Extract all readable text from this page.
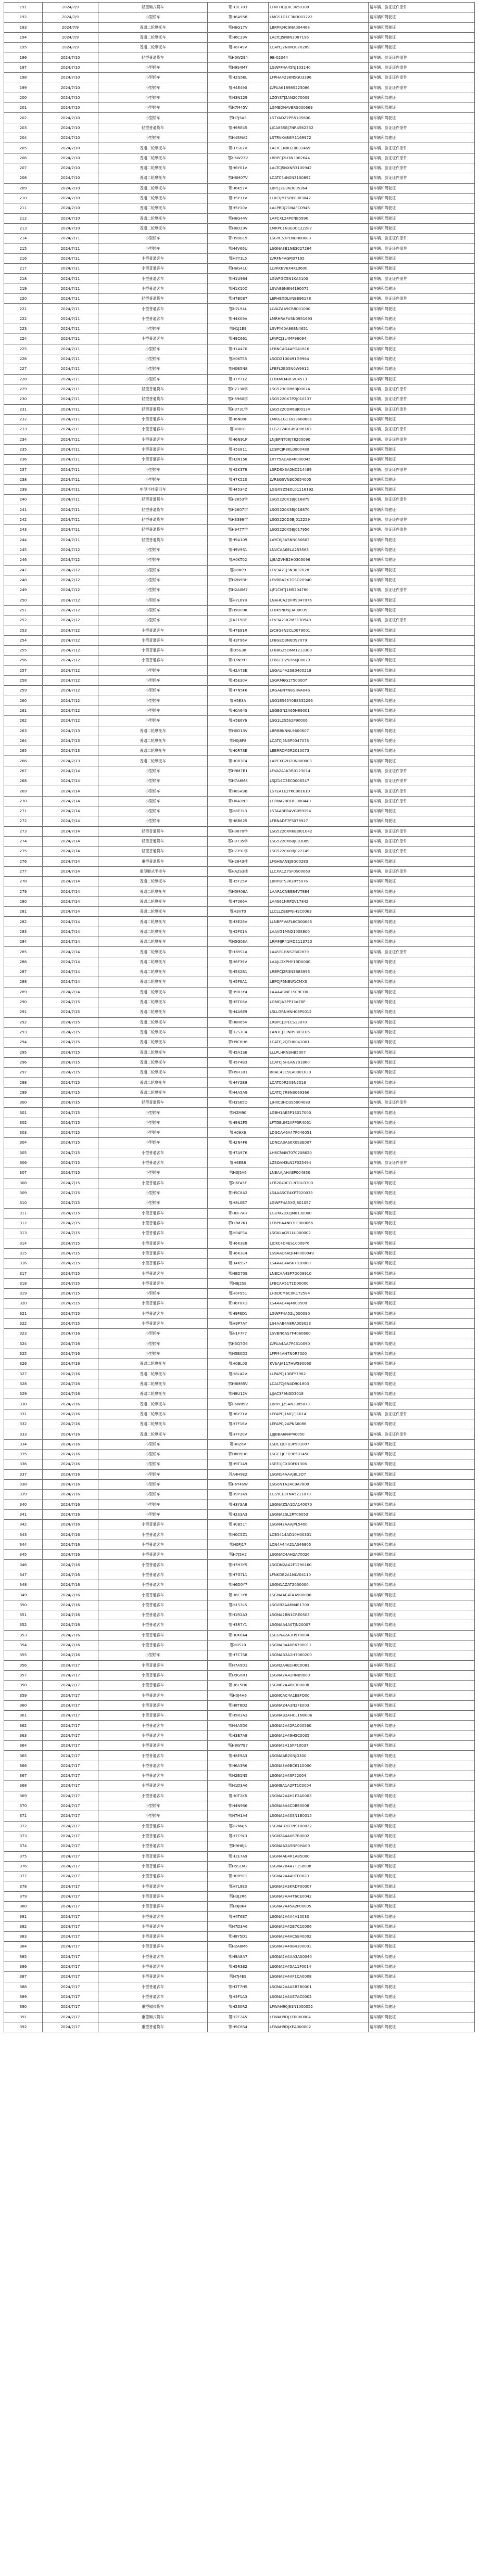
191	2024/7/9	轻型厢式货车	鄂H3C783	LFNTHDJL0L3650100	请车辆、验证证件原件
192	2024/7/9	小型轿车	鄂H6A958	LMGS1G1C3N3001222	请车辆和驾驶证
193	2024/7/9	普通二轮摩托车	鄂H6G17V	LBRPKJ4C9NA004468	请车辆和驾驶证
194	2024/7/9	普通二轮摩托车	鄂H6C39V	LALTCJ5N8N3087196	请车辆和驾驶证
195	2024/7/9	普通二轮摩托车	鄂H6F49V	LCAYCJ7N8N3070289	请车辆和驾驶证
196	2024/7/10	轻型普通货车	鄂H0W294	9B-02044	请车辆、验证证件原件
197	2024/7/10	小型轿车	鄂H9S4M7	LGWFF4A45NJ103140	请车辆、验证证件原件
198	2024/7/10	小型轿车	鄂H2G56L	LFPHA4238NSGU3396	请车辆、验证证件原件
199	2024/7/10	小型轿车	鄂H4E490	LVFAA61898S225086	请车辆、验证证件原件
200	2024/7/10	小型轿车	鄂H3N129	LZGYSTJ2AN2070009	请车辆和驾驶证
201	2024/7/10	小型轿车	鄂H7M45V	LGMEDNAVBRS000669	请车辆和驾驶证
202	2024/7/10	小型轿车	鄂H7J5A3	LSTYADZ7PR5105600	请车辆和驾驶证
203	2024/7/10	轻型普通货车	鄂H9RE45	LJCA85SBJ7NR4562332	请车辆、验证证件原件
204	2024/7/10	小型轿车	鄂H4SMA2	LSTRVKAB6M1169972	请车辆和驾驶证
205	2024/7/10	普通二轮摩托车	鄂H7S02V	LALTC1N8DZ0031469	请车辆、验证证件原件
206	2024/7/10	普通二轮摩托车	鄂H6W23V	LBRPCJ2U3N3002644	请车辆、验证证件原件
207	2024/7/10	普通二轮摩托车	鄂H6Y01V	LALTCJ5NXNR3100942	请车辆、验证证件原件
208	2024/7/10	普通二轮摩托车	鄂H6M07V	LCATC54N0N3100892	请车辆、验证证件原件
209	2024/7/10	普通二轮摩托车	鄂H6K57V	LBPCJ2U3N3005364	请车辆和驾驶证
210	2024/7/10	普通二轮摩托车	鄂H5Y11V	LLXLTJMTSRP8003042	请车辆和驾驶证
211	2024/7/10	普通二轮摩托车	鄂H5Y10V	LALPBDJ21NAFC0946	请车辆和驾驶证
212	2024/7/10	普通二轮摩托车	鄂H6G44V	LAPCXL24P0NB5990	请车辆和驾驶证
213	2024/7/10	普通二轮摩托车	鄂H6D29V	LMRPC1N3E0CC22287	请车辆和驾驶证
214	2024/7/11	小型轿车	鄂H9BB19	LSGYC53P1ND800083	请车辆、验证证件原件
215	2024/7/11	小型轿车	鄂H4V66U	LSGNA3B1NE3027264	请车辆、验证证件原件
216	2024/7/11	小型普通客车	鄂H7Y1L5	LVRFN4AGPJ07195	请车辆和驾驶证
217	2024/7/11	小型普通客车	鄂H6G41U	LLVKKBV6X4KL0600	请车辆和驾驶证
218	2024/7/11	小型普通客车	鄂H1U964	LGWFGC5N1KA5100	请车辆、验证证件原件
219	2024/7/11	小型普通客车	鄂H1K10C	LSVAB6N8N4190072	请车辆和驾驶证
220	2024/7/11	轻型普通货车	鄂H7B0B7	LEFHBXDLVNBE96178	请车辆、验证证件原件
221	2024/7/11	小型普通客车	鄂H7L94L	LLVAZAA9CR8001000	请车辆和驾驶证
222	2024/7/11	小型普通客车	鄂H4K09A	LMRHRAPUSN0951693	请车辆和驾驶证
223	2024/7/11	小型轿车	鄂H1J1E9	LSVFY60A86BN4651	请车辆和驾驶证
224	2024/7/11	小型普通客车	鄂H9C661	LFAPCJ3L4MP96094	请车辆和驾驶证
225	2024/7/11	小型轿车	鄂H1A470	LFBNCAG4APD41816	请车辆和驾驶证
226	2024/7/11	小型轿车	鄂H0KT55	LSGD2100491G9964	请车辆和驾驶证
227	2024/7/11	小型轿车	鄂H0B5N8	LFBFL2B05N0W9912	请车辆和驾驶证
228	2024/7/11	小型轿车	鄂H7P71Z	LFBKMD4BCV04573	请车辆和驾驶证
229	2024/7/11	轻型普通货车	鄂H2130学	LSG5230DR6BJ00074	请车辆、验证证件原件
230	2024/7/11	轻型普通货车	鄂H5960学	LSG5220X7P2J010137	请车辆、验证证件原件
231	2024/7/11	轻型普通货车	鄂H0731学	LSG5220DR6BJ00134	请车辆、验证证件原件
232	2024/7/11	小型普通客车	鄂H6N89F	LMRG1G11613668681	请车辆和驾驶证
233	2024/7/11	小型普通客车	鄂H8B81	LLG2224BGRG006163	请车辆、验证证件原件
234	2024/7/11	小型普通客车	鄂H6N91F	LNJEPNT06J78200090	请车辆、验证证件原件
235	2024/7/11	小型普通客车	鄂H5S811	LCBPCJR8KL0000480	请车辆和驾驶证
236	2024/7/11	小型普通客车	鄂H2N158	LXTY5ACAB4K000045	请车辆和驾驶证
237	2024/7/11	小型轿车	鄂H2K3T8	LSRDSX3A0NC214489	请车辆、验证证件原件
238	2024/7/11	小型轿车	鄂H7K520	LVRSGSVN3C0054005	请车辆和驾驶证
239	2024/7/11	中型半挂牵引车	鄂H4534Z	LGGX9Z5E0L01116192	请车辆和驾驶证
240	2024/7/11	轻型普通货车	鄂H2653学	LSG5220X1BJ016879	请车辆、验证证件原件
241	2024/7/11	轻型普通货车	鄂H2607学	LSG5220X3BJ016870	请车辆和驾驶证
242	2024/7/11	轻型普通货车	鄂H3399学	LSG5220D5BJ012259	请车辆、验证证件原件
243	2024/7/11	轻型普通货车	鄂H9477学	LSG5220X5BJ017956	请车辆、验证证件原件
244	2024/7/11	轻型普通货车	鄂H9A109	LAYC0J3A5NN050603	请车辆和驾驶证
245	2024/7/12	小型轿车	鄂H9V9S1	LNVCAA6ELA253563	请车辆和驾驶证
246	2024/7/12	小型轿车	鄂H0KT02	LJ8AZVHB2H0303096	请车辆和驾驶证
247	2024/7/12	小型轿车	鄂H0KP9	LFV3A21J3N3037028	请车辆和驾驶证
248	2024/7/12	小型轿车	鄂H2N98H	LFVBBA2K7GSO20940	请车辆和驾驶证
249	2024/7/12	小型轿车	鄂H2A0M7	LJF1CNTJ1M5204780	请车辆、验证证件原件
250	2024/7/12	小型轿车	鄂H7L6Y8	LNAHCA2DFR9047076	请车辆和驾驶证
251	2024/7/12	小型轿车	鄂H9U09K	LFBK9ND9J3A00039	请车辆和驾驶证
252	2024/7/12	小型轿车	云A2198E	LFV3A21K2M3130948	请车辆、验证证件原件
253	2024/7/12	小型普通客车	鄂H7E91R	LYC8G8N2CL0079001	请车辆和驾驶证
254	2024/7/12	小型普通客车	鄂H3T96V	LFBGEO3N6D97079	请车辆和驾驶证
255	2024/7/12	小型普通客车	湘D5G38	LFBBG25D6M1213300	请车辆和驾驶证
256	2024/7/12	小型普通客车	鄂H3N99T	LFBGEO25D6KJ00073	请车辆和驾驶证
257	2024/7/12	小型轿车	鄂H2A73E	LSGAU4A2SB0400219	请车辆和驾驶证
258	2024/7/12	小型轿车	鄂H5E30V	LSGRM6G1T500007	请车辆和驾驶证
259	2024/7/12	小型轿车	鄂H7N5F6	LRGAEN7N8GRVA046	请车辆和驾驶证
260	2024/7/12	小型轿车	鄂H5E3A	LSG1ES45Y0B8332296	请车辆和驾驶证
261	2024/7/12	小型轿车	鄂H0A64S	LSGBGN2A65H89001	请车辆和驾驶证
262	2024/7/12	小型轿车	鄂H5E6Y6	LSG1L2S5S2P90006	请车辆和驾驶证
263	2024/7/13	普通二轮摩托车	鄂H0D13V	LBRBBKNNL9600607	请车辆和驾驶证
264	2024/7/13	普通二轮摩托车	鄂H0J8F8	LCATCJ5N3P0047073	请车辆和驾驶证
265	2024/7/13	普通二轮摩托车	鄂H0R7SE	LEBRRCM5R2010073	请车辆和驾驶证
266	2024/7/13	普通二轮摩托车	鄂H0B3E4	LAPCXG2H20N000003	请车辆和驾驶证
267	2024/7/14	小型轿车	鄂H9M7B1	LFVA2A1K3R0123014	请车辆、验证证件原件
268	2024/7/14	小型轿车	鄂H7A6M8	LSJZ14C3EC0006547	请车辆、验证证件原件
269	2024/7/14	小型轿车	鄂H6SA9B	LSTEA1E2YKC001610	请车辆、验证证件原件
270	2024/7/14	小型轿车	鄂H0A1N3	LCRNA20BFRL000440	请车辆、验证证件原件
271	2024/7/14	小型轿车	鄂H8E3L3	LSTAABEB4VG059194	请车辆和驾驶证
272	2024/7/14	小型轿车	鄂H8B825	LFBNADF7FS079927	请车辆和驾驶证
273	2024/7/14	轻型普通货车	鄂H9870学	LSG5220XR6BJ001042	请车辆、验证证件原件
274	2024/7/14	轻型普通货车	鄂H0735学	LSG5220X6BJ003089	请车辆、验证证件原件
275	2024/7/14	轻型普通货车	鄂H7391学	LSG5220X0BJ022149	请车辆、验证证件原件
276	2024/7/14	重型普通货车	鄂H2843挂	LFGHSANEJ9G00283	请车辆和驾驶证
277	2024/7/14	重型厢式半挂车	鄂HA2S3挂	LLCXA1Z7SF0S00063	请车辆、验证证件原件
278	2024/7/14	普通二轮摩托车	鄂H5T25V	LBRPBTS3K20Y5076	请车辆和驾驶证
279	2024/7/14	普通二轮摩托车	鄂H5M06A	LAAR1CNBEB4VT8E4	请车辆和驾驶证
280	2024/7/14	普通二轮摩托车	鄂H7066A	LA4S61NRP2V17842	请车辆和驾驶证
281	2024/7/14	普通二轮摩托车	鄂H3VT0	LLCLLZBEPNIH1C0063	请车辆和驾驶证
282	2024/7/14	普通二轮摩托车	鄂H3E28V	LLNBPFVAFL6C000645	请车辆和驾驶证
283	2024/7/14	普通二轮摩托车	鄂H2F01A	LAAVG1MN2100S800	请车辆和驾驶证
284	2024/7/14	普通二轮摩托车	鄂H5G03A	LRMMJR41MD2113720	请车辆和驾驶证
285	2024/7/14	普通二轮摩托车	鄂H3RS1A	LA4SR1BNS2B02839	请车辆、验证证件原件
286	2024/7/14	普通二轮摩托车	鄂H6F39V	LAAJLDXPHY1BD0000	请车辆和驾驶证
287	2024/7/14	普通二轮摩托车	鄂H5S2B1	LRBPCJ2R3N3B83995	请车辆和驾驶证
288	2024/7/14	普通二轮摩托车	鄂H5FSA1	LBPCJP5NBW1CMXS	请车辆和驾驶证
289	2024/7/14	普通二轮摩托车	鄂H9B3Y4	LAAAAGNE1SC9CO0	请车辆和驾驶证
290	2024/7/15	普通二轮摩托车	鄂H5T08V	LGMCJA3PP13A78P	请车辆和驾驶证
291	2024/7/15	普通二轮摩托车	鄂H4A6E9	LSLLGRNHNH08P0012	请车辆和驾驶证
292	2024/7/15	普通二轮摩托车	鄂H8R65V	LRBPCJ1P1CS13870	请车辆和驾驶证
293	2024/7/15	普通二轮摩托车	鄂H2S7E4	LANTCJT3NR9803106	请车辆和驾驶证
294	2024/7/15	普通二轮摩托车	鄂H9C6H6	LCATCJ2QTH0041001	请车辆和驾驶证
295	2024/7/15	普通二轮摩托车	鄂H5A1S6	LLLPLHRN3HB5007	请车辆和驾驶证
296	2024/7/15	普通二轮摩托车	鄂H5Y4B3	LCATCJ6H1AN201860	请车辆和驾驶证
297	2024/7/15	普通二轮摩托车	鄂H5H3B1	BRAC43C9LA0001039	请车辆和驾驶证
298	2024/7/15	普通二轮摩托车	鄂H4Y2B9	LCATC0R2X9N2016	请车辆和驾驶证
299	2024/7/15	普通二轮摩托车	鄂H4A5A9	LCATCJ7R8N3069366	请车辆和驾驶证
300	2024/7/15	轻型普通货车	鄂H3S65D	LJHXC3HD3S5004083	请车辆、验证证件原件
301	2024/7/15	小型轿车	鄂H2M90	LGBH1AE5P1S017000	请车辆和驾驶证
302	2024/7/15	小型轿车	鄂H9N2F5	LFTGEUM2AFP3R4061	请车辆和驾驶证
303	2024/7/15	小型轿车	鄂H09X6	LDGCAA6A47P046051	请车辆和驾驶证
304	2024/7/15	小型轿车	鄂H2N4F6	LDNCA3AS6X0S3E007	请车辆和驾驶证
305	2024/7/15	小型普通客车	鄂H7A976	LH6CM4N7070208620	请车辆和驾驶证
306	2024/7/15	小型普通客车	鄂H6EB8	LZSOAH3LN2F025494	请车辆、验证证件原件
307	2024/7/15	小型轿车	鄂H3J5A6	LNBAAJAHAEP004850	请车辆和驾驶证
308	2024/7/15	小型普通客车	鄂H6FA5F	LFB2040CCLNT0U3300	请车辆和驾驶证
309	2024/7/15	小型轿车	鄂H5C8A2	LS4AASCE4KPT020033	请车辆和驾驶证
310	2024/7/15	小型轿车	鄂H8L0B7	LGWFF4A5XGJ801057	请车辆和驾驶证
311	2024/7/15	小型普通客车	鄂H0F7AH	LGUXG1D2JM0130000	请车辆和驾驶证
312	2024/7/15	小型普通客车	鄂H7M2K1	LFBPHA4NB3LE000066	请车辆和驾驶证
313	2024/7/15	小型普通客车	鄂H04FS4	LSGKLAG51LU000002	请车辆和驾驶证
314	2024/7/15	小型普通客车	鄂H6K3E8	LJCKC4D4ES1000976	请车辆和驾驶证
315	2024/7/15	小型普通客车	鄂H6K3E4	LS9AAC6AQH4F000049	请车辆和驾驶证
316	2024/7/15	小型普通客车	鄂H4K5S7	LS4AAC4A6K7010000	请车辆和驾驶证
317	2024/7/15	小型普通客车	鄂H8D709	LNBCAA4SP7D008910	请车辆和驾驶证
318	2024/7/15	小型普通客车	鄂H8J2S8	LFBCAA51T1D00000	请车辆和驾驶证
319	2024/7/15	小型轿车	鄂H0F951	LH6DCM6C0R172584	请车辆和驾驶证
320	2024/7/15	小型普通客车	鄂H6Y07D	LS4AAC4AJ4000500	请车辆和驾驶证
321	2024/7/15	小型普通客车	鄂H9F6D1	LGWFF4A52LJ000090	请车辆和驾驶证
322	2024/7/15	小型普通客车	鄂H9P7AY	LS4AAB4A8RA003023	请车辆和驾驶证
323	2024/7/16	小型轿车	鄂H1F7F7	LSVBN6AS7F4060600	请车辆和驾驶证
324	2024/7/16	小型轿车	鄂H5Q7G6	LVFAA4AA7P4310090	请车辆和驾驶证
325	2024/7/16	小型轿车	鄂H5B0D2	LFPM4AH7N0R7000	请车辆和驾驶证
326	2024/7/16	普通二轮摩托车	鄂H0BL03	KVSAJA117HW590060	请车辆和驾驶证
327	2024/7/16	普通二轮摩托车	鄂H8L42V	LLPAPCJ13BFY7962	请车辆和驾驶证
328	2024/7/16	普通二轮摩托车	鄂H8M85V	LCALTCJ6N4D901803	请车辆和驾驶证
329	2024/7/16	普通二轮摩托车	鄂H8U12V	LJJAC3F9N3D3018	请车辆和驾驶证
330	2024/7/16	普通二轮摩托车	鄂H6W89V	LBRPCJ2SAN3085073	请车辆和驾驶证
331	2024/7/16	普通二轮摩托车	鄂H6Y71V	LEFAPCJ1NCJFJ1014	请车辆、验证证件原件
332	2024/7/16	普通二轮摩托车	鄂H7F16V	LEFAPCJ2APNS6086	请车辆和驾驶证
333	2024/7/16	普通二轮摩托车	鄂H7F20V	LJJJBBA6N4P40050	请车辆、验证证件原件
334	2024/7/16	小型轿车	鄂H8Z6V	LSBC1JCFD3P501007	请车辆和驾驶证
335	2024/7/16	小型轿车	鄂H8R9H8	LSGE1JCFD3P501450	请车辆和驾驶证
336	2024/7/16	小型轿车	鄂H9T1A9	LSEE1JCXD0F01306	请车辆和驾驶证
337	2024/7/16	小型轿车	苏A4H9E2	LSGN14AAAJBL3O7	请车辆和驾驶证
338	2024/7/16	小型轿车	鄂H6Y4SW	LSG0N1A2AC9A7800	请车辆和驾驶证
339	2024/7/16	小型轿车	鄂H9P1A9	LGSYCE3TNA5211079	请车辆和驾驶证
340	2024/7/16	小型轿车	鄂H3Y3A8	LSGNAZ5A1DA140070	请车辆和驾驶证
341	2024/7/16	小型轿车	鄂H2S3A3	LSGNA2SL2RT06053	请车辆和驾驶证
342	2024/7/16	小型普通客车	鄂H0B51T	LSGN42AAAJPL5400	请车辆和驾驶证
343	2024/7/16	小型普通客车	鄂H0C5Z1	LCB5414AD10H00301	请车辆和驾驶证
344	2024/7/16	小型普通客车	鄂H0FJ17	LCN4A44A21A046805	请车辆和驾驶证
345	2024/7/16	小型普通客车	鄂H7J5H2	LSGNAC4AH2A70026	请车辆和驾驶证
346	2024/7/16	小型普通客车	鄂H7H3Y5	LSGDN2AA2F1290160	请车辆和驾驶证
347	2024/7/16	小型普通客车	鄂H7G7L1	LFNKDB2A1NLV04110	请车辆和驾驶证
348	2024/7/16	小型普通客车	鄂H6D0Y7	LSGN1AZAT2000000	请车辆和驾驶证
349	2024/7/16	小型普通客车	鄂H6C3Y8	LSGNAAE4TAA900000	请车辆和驾驶证
350	2024/7/16	小型普通客车	鄂H1S3L5	LSG0B2AA6N4E1700	请车辆和驾驶证
351	2024/7/16	小型普通客车	鄂H1R2A3	LSGNA2BN1CRE0503	请车辆和驾驶证
352	2024/7/16	小型普通客车	鄂H3R7Y1	LSGNAA4A0TJN20007	请车辆和驾驶证
353	2024/7/16	小型普通客车	鄂H0K0A4	LSEGNA2A3H9T0004	请车辆和驾驶证
354	2024/7/16	小型普通客车	鄂H0S20	LSGNA3A40R6700011	请车辆和驾驶证
355	2024/7/16	小型轿车	鄂H7C7S8	LSGNAB2A2H7060200	请车辆和驾驶证
356	2024/7/17	小型普通客车	鄂H7A9D3	LSGN2A4B1H0C0081	请车辆和驾驶证
357	2024/7/17	小型普通客车	鄂H9G6R1	LSGNA2AA2RNB9000	请车辆和驾驶证
358	2024/7/17	小型普通客车	鄂H6L5H6	LSGNB2AA6K300008	请车辆和驾驶证
359	2024/7/17	小型普通客车	鄂H0J4H6	LSGNCAC4A1EEFO00	请车辆和驾驶证
360	2024/7/17	小型普通客车	鄂H8T8D2	LSGNAZ4A3N2FE003	请车辆和驾驶证
361	2024/7/17	小型普通客车	鄂H5R3A3	LSGNAB2AHCL1N0006	请车辆和驾驶证
362	2024/7/17	小型普通客车	鄂H4A5D6	LSGNA2A42R1000560	请车辆和驾驶证
363	2024/7/17	小型普通客车	鄂H3B7A9	LSGNA2A49H5C0005	请车辆和驾驶证
364	2024/7/17	小型普通客车	鄂H8W7E7	LSGNA2A1SFP10037	请车辆和驾驶证
365	2024/7/17	小型普通客车	鄂H8E9A3	LSGNAAB20NJD300	请车辆和驾驶证
366	2024/7/17	小型普通客车	鄂H6A3R6	LSGNA3A6BC6110000	请车辆和驾驶证
367	2024/7/17	小型普通客车	鄂H2B1N5	LSGNA2A4SF52004	请车辆和驾驶证
368	2024/7/17	小型普通客车	鄂H1D3A6	LSGN8A1A2PT1C0004	请车辆和驾驶证
369	2024/7/17	小型普通客车	鄂H0T2K5	LSGNA2A4H1F2A0003	请车辆和驾驶证
370	2024/7/17	小型轿车	鄂H4N9S6	LSGNA8A4C0BE0008	请车辆和驾驶证
371	2024/7/17	小型轿车	鄂H7H1A4	LSGNA2A40SN1B0015	请车辆和驾驶证
372	2024/7/17	小型普通客车	鄂H7M4J5	LSGNAB2B3N9100022	请车辆和驾驶证
373	2024/7/17	小型普通客车	鄂H7C9L3	LSGN2A4A0R7B0002	请车辆和驾驶证
374	2024/7/17	小型普通客车	鄂H9H8J4	LSGNAA2A5NF0HA00	请车辆和驾驶证
375	2024/7/17	小型普通客车	鄂H2E7A9	LSGNAAE4R1AB5000	请车辆和驾驶证
376	2024/7/17	小型普通客车	鄂H5S1M2	LSGNA2B4A7T1S0008	请车辆和驾驶证
377	2024/7/17	小型普通客车	鄂H0R5E1	LSGNA2A4A0TE0020	请车辆和驾驶证
378	2024/7/17	小型普通客车	鄂H7L9E3	LSGNA2A3KRDF00007	请车辆和驾驶证
379	2024/7/17	小型普通客车	鄂H3J2R6	LSGNA2AA4T6CE0042	请车辆和驾驶证
380	2024/7/17	小型普通客车	鄂H9J8K4	LSGNA2A45A2P00005	请车辆和驾驶证
381	2024/7/17	小型普通客车	鄂H4T6E7	LSGNA2A4A4A10030	请车辆和驾驶证
382	2024/7/17	小型普通客车	鄂H7D3A6	LSGNA2A42B7C10006	请车辆和驾驶证
383	2024/7/17	小型普通客车	鄂H8Y5D1	LSGNA2A4ACSE40002	请车辆和驾驶证
384	2024/7/17	小型普通客车	鄂H2A8M6	LSGNA2A49B4100001	请车辆和驾驶证
385	2024/7/17	小型普通客车	鄂H9A8A7	LSGNA2A4AA3A00040	请车辆和驾驶证
386	2024/7/17	小型普通客车	鄂H5R3E2	LSGNA2A45A11F0014	请车辆和驾驶证
387	2024/7/17	小型普通客车	鄂H7J4E9	LSGNA2A4AF1CA0008	请车辆和驾驶证
388	2024/7/17	小型普通客车	鄂H2T7H5	LSGNA2A4A5B7B0001	请车辆和驾驶证
389	2024/7/17	小型普通客车	鄂H3F1A3	LSGNA2A4AE7AC0002	请车辆和驾驶证
390	2024/7/17	重型厢式货车	鄂H2S0R2	LFWAH90J81N1000052	请车辆和驾驶证
391	2024/7/17	重型厢式货车	鄂H2F2A5	LFWAH9DJ1E00X0004	请车辆和驾驶证
392	2024/7/17	重型普通货车	鄂H9C6S4	LFWAH9DJXEA000002	请车辆和驾驶证
